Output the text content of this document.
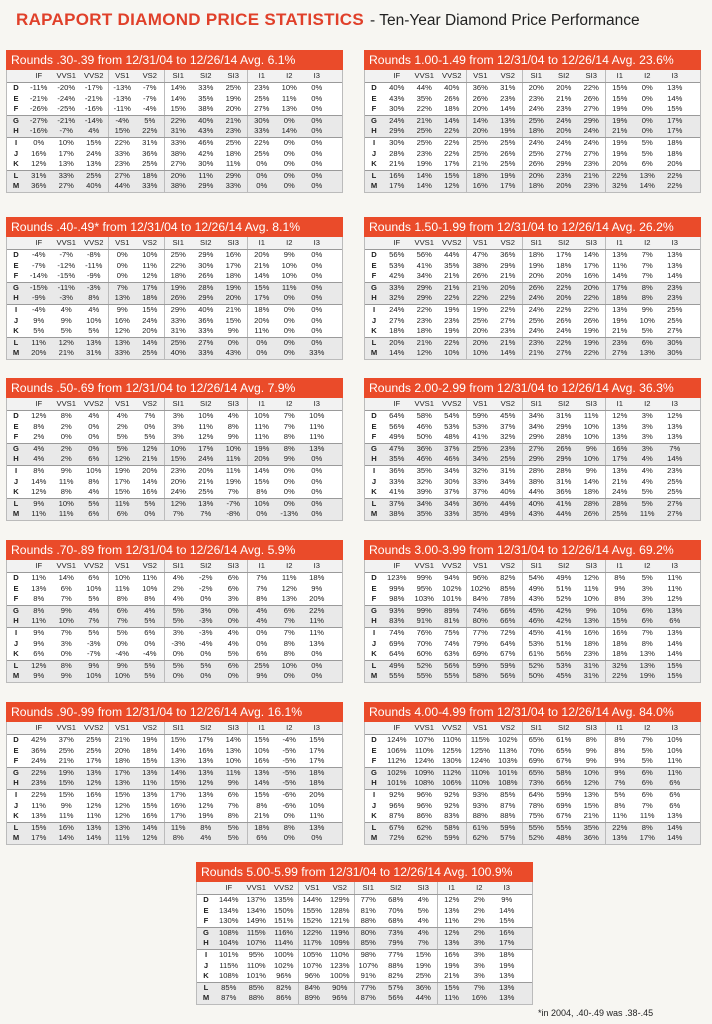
RAPAPORT DIAMOND PRICE STATISTICS - Ten-Year Diamond Price Performance
Rounds .30-.39 from 12/31/04 to 12/26/14 Avg. 6.1%
IF	VVS1	VVS2	VS1	VS2	SI1	SI2	SI3	I1	I2	I3
D	-11%	-20%	-17%	-13%	-7%	14%	33%	25%	23%	10%	0%
E	-21%	-24%	-21%	-13%	-7%	14%	35%	19%	25%	11%	0%
F	-26%	-25%	-16%	-11%	-4%	15%	38%	20%	27%	13%	0%
G	-27%	-21%	-14%	-4%	5%	22%	40%	21%	30%	0%	0%
H	-16%	-7%	4%	15%	22%	31%	43%	23%	33%	14%	0%
I	0%	10%	15%	22%	31%	33%	46%	25%	22%	0%	0%
J	16%	17%	24%	33%	36%	38%	42%	18%	25%	0%	0%
K	12%	13%	13%	23%	25%	27%	30%	11%	0%	0%	0%
L	31%	33%	25%	27%	18%	20%	11%	29%	0%	0%	0%
M	36%	27%	40%	44%	33%	38%	29%	33%	0%	0%	0%
Rounds 1.00-1.49 from 12/31/04 to 12/26/14 Avg. 23.6%
IF	VVS1	VVS2	VS1	VS2	SI1	SI2	SI3	I1	I2	I3
D	40%	44%	40%	36%	31%	20%	20%	22%	15%	0%	13%
E	43%	35%	26%	26%	23%	23%	21%	26%	15%	0%	14%
F	30%	22%	18%	20%	14%	24%	23%	27%	19%	0%	15%
G	24%	21%	14%	14%	13%	25%	24%	29%	19%	0%	17%
H	29%	25%	22%	20%	19%	18%	20%	24%	21%	0%	17%
I	30%	25%	22%	25%	25%	24%	24%	24%	19%	5%	18%
J	28%	23%	22%	25%	26%	25%	27%	27%	19%	5%	18%
K	21%	19%	17%	21%	25%	26%	29%	23%	20%	6%	20%
L	16%	14%	15%	18%	19%	20%	23%	21%	22%	13%	22%
M	17%	14%	12%	16%	17%	18%	20%	23%	32%	14%	22%
Rounds .40-.49* from 12/31/04 to 12/26/14 Avg. 8.1%
IF	VVS1	VVS2	VS1	VS2	SI1	SI2	SI3	I1	I2	I3
D	-4%	-7%	-8%	0%	10%	25%	29%	16%	20%	9%	0%
E	-7%	-12%	-11%	0%	11%	22%	30%	17%	21%	10%	0%
F	-14%	-15%	-9%	0%	12%	18%	26%	18%	14%	10%	0%
G	-15%	-11%	-3%	7%	17%	19%	28%	19%	15%	11%	0%
H	-9%	-3%	8%	13%	18%	26%	29%	20%	17%	0%	0%
I	-4%	4%	4%	9%	15%	29%	40%	21%	18%	0%	0%
J	9%	9%	10%	16%	24%	33%	36%	15%	20%	0%	0%
K	5%	5%	5%	12%	20%	31%	33%	9%	11%	0%	0%
L	11%	12%	13%	13%	14%	25%	27%	0%	0%	0%	0%
M	20%	21%	31%	33%	25%	40%	33%	43%	0%	0%	33%
Rounds 1.50-1.99 from 12/31/04 to 12/26/14 Avg. 26.2%
IF	VVS1	VVS2	VS1	VS2	SI1	SI2	SI3	I1	I2	I3
D	56%	56%	44%	47%	36%	18%	17%	14%	13%	7%	13%
E	53%	41%	35%	38%	29%	19%	18%	17%	11%	7%	13%
F	42%	34%	21%	26%	21%	20%	20%	16%	14%	7%	14%
G	33%	29%	21%	21%	20%	26%	22%	20%	17%	8%	23%
H	32%	29%	22%	22%	22%	24%	20%	22%	18%	8%	23%
I	24%	22%	19%	19%	22%	24%	22%	22%	13%	9%	25%
J	27%	23%	23%	25%	27%	25%	26%	26%	19%	10%	25%
K	18%	18%	19%	20%	23%	24%	24%	19%	21%	5%	27%
L	20%	21%	22%	20%	21%	23%	22%	19%	23%	6%	30%
M	14%	12%	10%	10%	14%	21%	27%	22%	27%	13%	30%
Rounds .50-.69 from 12/31/04 to 12/26/14 Avg. 7.9%
IF	VVS1	VVS2	VS1	VS2	SI1	SI2	SI3	I1	I2	I3
D	12%	8%	4%	4%	7%	3%	10%	4%	10%	7%	10%
E	8%	2%	0%	2%	0%	3%	11%	8%	11%	7%	11%
F	2%	0%	0%	5%	5%	3%	12%	9%	11%	8%	11%
G	4%	2%	0%	5%	12%	10%	17%	10%	19%	8%	13%
H	4%	2%	6%	12%	21%	15%	24%	11%	20%	9%	0%
I	8%	9%	10%	19%	20%	23%	20%	11%	14%	0%	0%
J	14%	11%	8%	17%	14%	20%	21%	19%	15%	0%	0%
K	12%	8%	4%	15%	16%	24%	25%	7%	8%	0%	0%
L	9%	10%	5%	11%	5%	12%	13%	-7%	10%	0%	0%
M	11%	11%	6%	6%	0%	7%	7%	-8%	0%	-13%	0%
Rounds 2.00-2.99 from 12/31/04 to 12/26/14 Avg. 36.3%
IF	VVS1	VVS2	VS1	VS2	SI1	SI2	SI3	I1	I2	I3
D	64%	58%	54%	59%	45%	34%	31%	11%	12%	3%	12%
E	56%	46%	53%	53%	37%	34%	29%	10%	13%	3%	13%
F	49%	50%	48%	41%	32%	29%	28%	10%	13%	3%	13%
G	47%	36%	37%	25%	23%	27%	26%	9%	16%	3%	7%
H	35%	46%	46%	34%	25%	29%	29%	10%	17%	4%	14%
I	36%	35%	34%	32%	31%	28%	28%	9%	13%	4%	23%
J	33%	32%	30%	33%	34%	38%	31%	14%	21%	4%	25%
K	41%	39%	37%	37%	40%	44%	36%	18%	24%	5%	25%
L	37%	34%	34%	36%	44%	40%	41%	28%	28%	5%	27%
M	38%	35%	33%	35%	49%	43%	44%	26%	25%	11%	27%
Rounds .70-.89 from 12/31/04 to 12/26/14 Avg. 5.9%
IF	VVS1	VVS2	VS1	VS2	SI1	SI2	SI3	I1	I2	I3
D	11%	14%	6%	10%	11%	4%	-2%	6%	7%	11%	18%
E	13%	6%	10%	11%	10%	2%	-2%	6%	7%	12%	9%
F	8%	7%	5%	8%	8%	4%	0%	3%	8%	13%	20%
G	8%	9%	4%	6%	4%	5%	3%	0%	4%	6%	22%
H	11%	10%	7%	7%	5%	5%	-3%	0%	4%	7%	11%
I	9%	7%	5%	5%	6%	3%	-3%	4%	0%	7%	11%
J	9%	3%	-3%	0%	0%	-3%	-4%	4%	0%	8%	13%
K	6%	0%	-7%	-4%	-4%	0%	0%	5%	6%	8%	0%
L	12%	8%	9%	9%	5%	5%	5%	6%	25%	10%	0%
M	9%	9%	10%	10%	5%	0%	0%	0%	9%	0%	0%
Rounds 3.00-3.99 from 12/31/04 to 12/26/14 Avg. 69.2%
IF	VVS1	VVS2	VS1	VS2	SI1	SI2	SI3	I1	I2	I3
D	123%	99%	94%	96%	82%	54%	49%	12%	8%	5%	11%
E	99%	95%	102%	102%	85%	49%	51%	11%	9%	3%	11%
F	98%	103%	101%	84%	78%	43%	52%	10%	8%	3%	12%
G	93%	99%	89%	74%	66%	45%	42%	9%	10%	6%	13%
H	83%	91%	81%	80%	66%	46%	42%	13%	15%	6%	6%
I	74%	76%	75%	77%	72%	45%	41%	16%	16%	7%	13%
J	69%	70%	74%	79%	64%	53%	51%	18%	18%	8%	14%
K	64%	60%	63%	69%	67%	61%	56%	23%	18%	13%	14%
L	49%	52%	56%	59%	59%	52%	53%	31%	32%	13%	15%
M	55%	55%	55%	58%	56%	50%	45%	31%	22%	19%	15%
Rounds .90-.99 from 12/31/04 to 12/26/14 Avg. 16.1%
IF	VVS1	VVS2	VS1	VS2	SI1	SI2	SI3	I1	I2	I3
D	42%	37%	25%	21%	19%	15%	17%	14%	15%	-4%	15%
E	36%	25%	25%	20%	18%	14%	16%	13%	10%	-5%	17%
F	24%	21%	17%	18%	15%	13%	13%	10%	16%	-5%	17%
G	22%	19%	13%	17%	13%	14%	13%	11%	13%	-5%	18%
H	23%	15%	12%	13%	11%	15%	12%	9%	14%	-5%	18%
I	22%	15%	16%	15%	13%	17%	13%	6%	15%	-6%	20%
J	11%	9%	12%	12%	15%	16%	12%	7%	8%	-6%	10%
K	13%	11%	11%	12%	16%	17%	19%	8%	21%	0%	11%
L	15%	16%	13%	13%	14%	11%	8%	5%	18%	8%	13%
M	17%	14%	14%	11%	12%	8%	4%	5%	6%	0%	0%
Rounds 4.00-4.99 from 12/31/04 to 12/26/14 Avg. 84.0%
IF	VVS1	VVS2	VS1	VS2	SI1	SI2	SI3	I1	I2	I3
D	124%	107%	110%	115%	102%	65%	61%	8%	8%	7%	10%
E	106%	110%	125%	125%	113%	70%	65%	9%	8%	5%	10%
F	112%	124%	130%	124%	103%	69%	67%	9%	9%	5%	11%
G	102%	109%	112%	110%	101%	65%	58%	10%	9%	6%	11%
H	101%	108%	106%	110%	108%	73%	66%	12%	7%	6%	6%
I	92%	96%	92%	93%	85%	64%	59%	13%	5%	6%	6%
J	96%	96%	92%	93%	87%	78%	69%	15%	8%	7%	6%
K	87%	86%	83%	88%	88%	75%	67%	21%	11%	11%	13%
L	67%	62%	58%	61%	59%	55%	55%	35%	22%	8%	14%
M	72%	62%	59%	62%	57%	52%	48%	36%	13%	17%	14%
Rounds 5.00-5.99 from 12/31/04 to 12/26/14 Avg. 100.9%
IF	VVS1	VVS2	VS1	VS2	SI1	SI2	SI3	I1	I2	I3
D	144%	137%	135%	144%	129%	77%	68%	4%	12%	2%	9%
E	134%	134%	150%	155%	128%	81%	70%	5%	13%	2%	14%
F	130%	149%	151%	152%	121%	88%	68%	4%	11%	2%	15%
G	108%	115%	116%	122%	119%	80%	73%	4%	12%	2%	16%
H	104%	107%	114%	117%	109%	85%	79%	7%	13%	3%	17%
I	101%	95%	100%	105%	110%	98%	77%	15%	16%	3%	18%
J	115%	110%	102%	107%	123%	107%	88%	19%	19%	3%	19%
K	108%	101%	96%	96%	100%	91%	82%	25%	21%	3%	13%
L	85%	85%	82%	84%	90%	77%	57%	36%	15%	7%	13%
M	87%	88%	86%	89%	96%	87%	56%	44%	11%	16%	13%
*in 2004, .40-.49 was .38-.45
